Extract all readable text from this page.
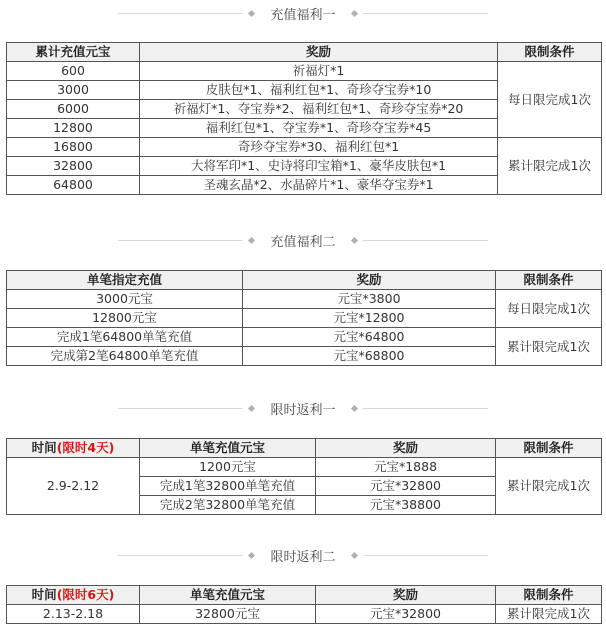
充值福利一
累计充值元宝	奖励	限制条件
600	祈福灯*1	每日限完成1次
3000	皮肤包*1、福利红包*1、奇珍夺宝券*10	
6000	祈福灯*1、夺宝券*2、福利红包*1、奇珍夺宝券*20	
12800	福利红包*1、夺宝券*1、奇珍夺宝券*45	
16800	奇珍夺宝券*30、福利红包*1	累计限完成1次
32800	大将军印*1、史诗将印宝箱*1、豪华皮肤包*1	
64800	圣魂玄晶*2、水晶碎片*1、豪华夺宝券*1	
充值福利二
单笔指定充值	奖励	限制条件
3000元宝	元宝*3800	每日限完成1次
12800元宝	元宝*12800	
完成1笔64800单笔充值	元宝*64800	累计限完成1次
完成第2笔64800单笔充值	元宝*68800	
限时返利一
时间(限时4天)	单笔充值元宝	奖励	限制条件
2.9-2.12	1200元宝	元宝*1888	累计限完成1次
	完成1笔32800单笔充值	元宝*32800	
	完成2笔32800单笔充值	元宝*38800	
限时返利二
时间(限时6天)	单笔充值元宝	奖励	限制条件
2.13-2.18	32800元宝	元宝*32800	累计限完成1次
